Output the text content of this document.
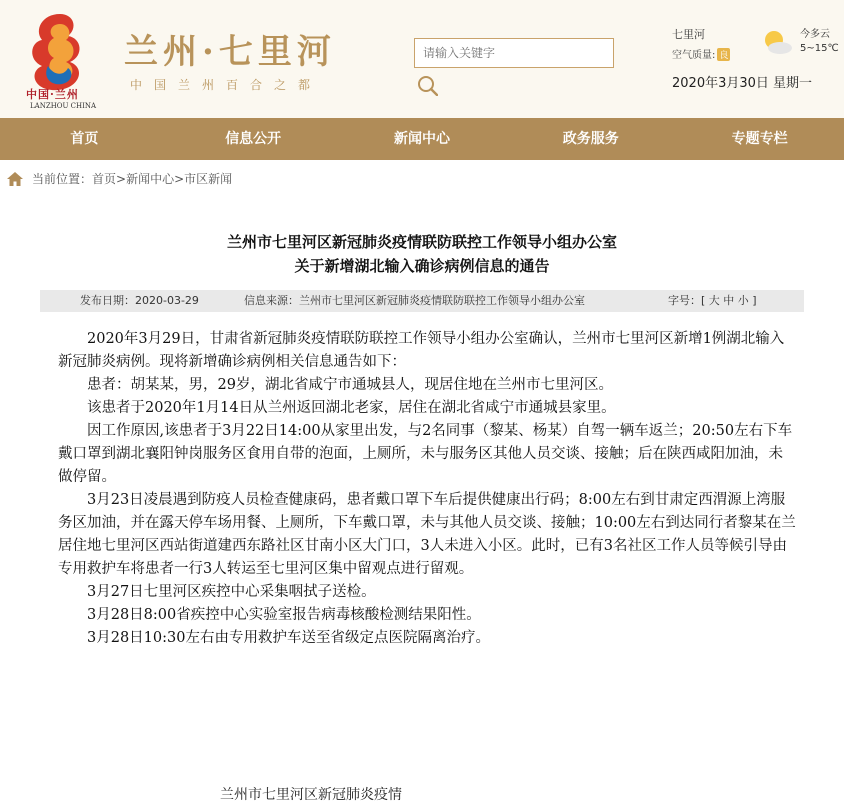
中国·兰州
LANZHOU CHINA
兰州·七里河
中国兰州百合之都
请输入关键字
七里河
空气质量: 良
今多云
5~15℃
2020年3月30日 星期一
首页	信息公开	新闻中心	政务服务	专题专栏
当前位置： 首页 > 新闻中心 > 市区新闻
兰州市七里河区新冠肺炎疫情联防联控工作领导小组办公室
关于新增湖北输入确诊病例信息的通告
发布日期：2020-03-29	信息来源：兰州市七里河区新冠肺炎疫情联防联控工作领导小组办公室	字号：[ 大 中 小 ]

2020年3月29日，甘肃省新冠肺炎疫情联防联控工作领导小组办公室确认，兰州市七里河区新增1例湖北输入新冠肺炎病例。现将新增确诊病例相关信息通告如下：

患者：胡某某，男，29岁，湖北省咸宁市通城县人，现居住地在兰州市七里河区。

该患者于2020年1月14日从兰州返回湖北老家，居住在湖北省咸宁市通城县家里。

因工作原因,该患者于3月22日14:00从家里出发，与2名同事（黎某、杨某）自驾一辆车返兰；20:50左右下车戴口罩到湖北襄阳钟岗服务区食用自带的泡面，上厕所，未与服务区其他人员交谈、接触；后在陕西咸阳加油，未做停留。

3月23日凌晨遇到防疫人员检查健康码，患者戴口罩下车后提供健康出行码；8:00左右到甘肃定西渭源上湾服务区加油，并在露天停车场用餐、上厕所，下车戴口罩，未与其他人员交谈、接触；10:00左右到达同行者黎某在兰居住地七里河区西站街道建西东路社区甘南小区大门口，3人未进入小区。此时，已有3名社区工作人员等候引导由专用救护车将患者一行3人转运至七里河区集中留观点进行留观。

3月27日七里河区疾控中心采集咽拭子送检。

3月28日8:00省疾控中心实验室报告病毒核酸检测结果阳性。

3月28日10:30左右由专用救护车送至省级定点医院隔离治疗。

兰州市七里河区新冠肺炎疫情
